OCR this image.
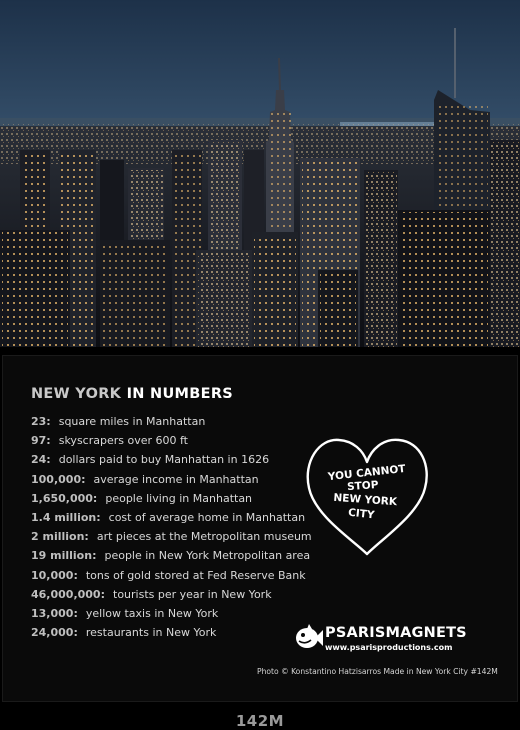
NEW YORK IN NUMBERS
23: square miles in Manhattan
97: skyscrapers over 600 ft
24: dollars paid to buy Manhattan in 1626
100,000: average income in Manhattan
1,650,000: people living in Manhattan
1.4 million: cost of average home in Manhattan
2 million: art pieces at the Metropolitan museum
19 million: people in New York Metropolitan area
10,000: tons of gold stored at Fed Reserve Bank
46,000,000: tourists per year in New York
13,000: yellow taxis in New York
24,000: restaurants in New York
YOU CANNOT
STOP
NEW YORK
CITY
PSARISMAGNETS
www.psarisproductions.com
Photo © Konstantino Hatzisarros Made in New York City #142M
142M
